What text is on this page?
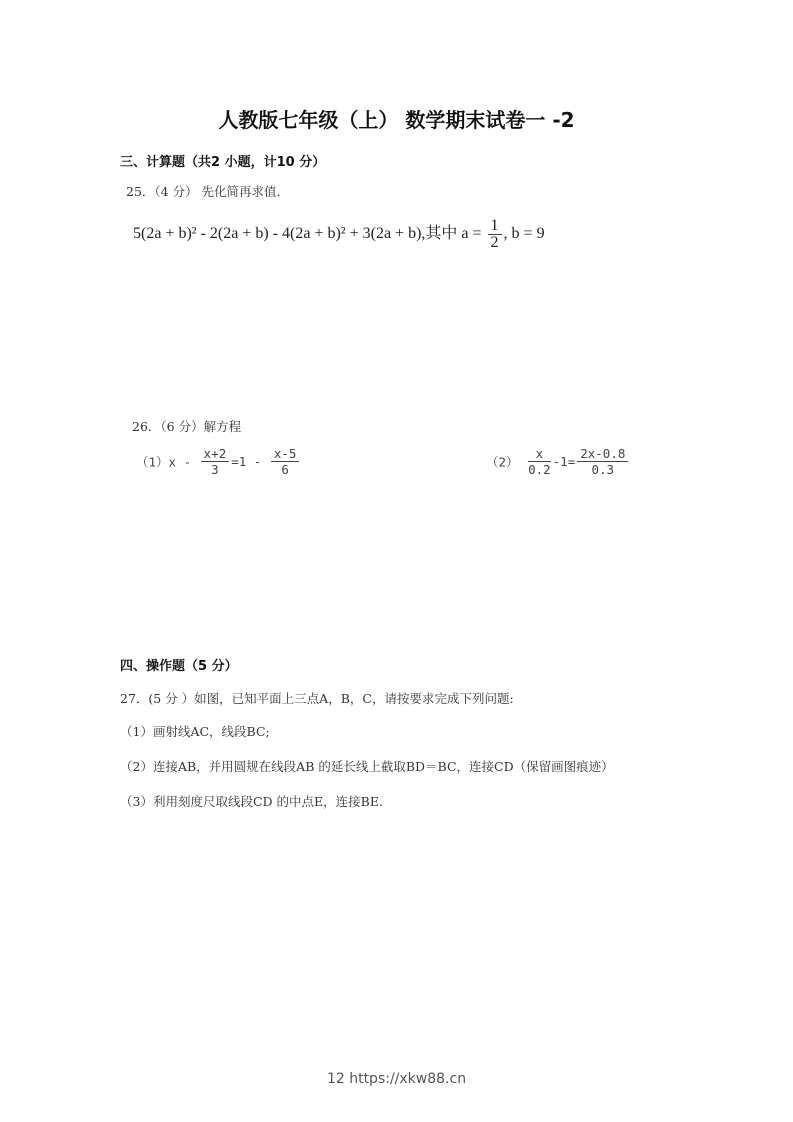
人教版七年级（上） 数学期末试卷一 -2
三、计算题（共2 小题，计10 分）
25．（4 分） 先化简再求值.
5(2a + b)² - 2(2a + b) - 4(2a + b)² + 3(2a + b),其中 $a = \frac{1}{2}$ , b = 9
26．（6 分）解方程
$(1)x - \frac{x+2}{3} =1 - \frac{x-5}{6}$	$(2) \frac{x}{0.2} -1= \frac{2x-0.8}{0.3}$
四、操作题（5 分）
27．(5 分 ）如图，已知平面上三点A，B，C，请按要求完成下列问题:
（1）画射线AC，线段BC;
（2）连接AB，并用圆规在线段AB 的延长线上截取BD＝BC，连接CD（保留画图痕迹）
（3）利用刻度尺取线段CD 的中点E，连接BE.
12 https://xkw88.cn
